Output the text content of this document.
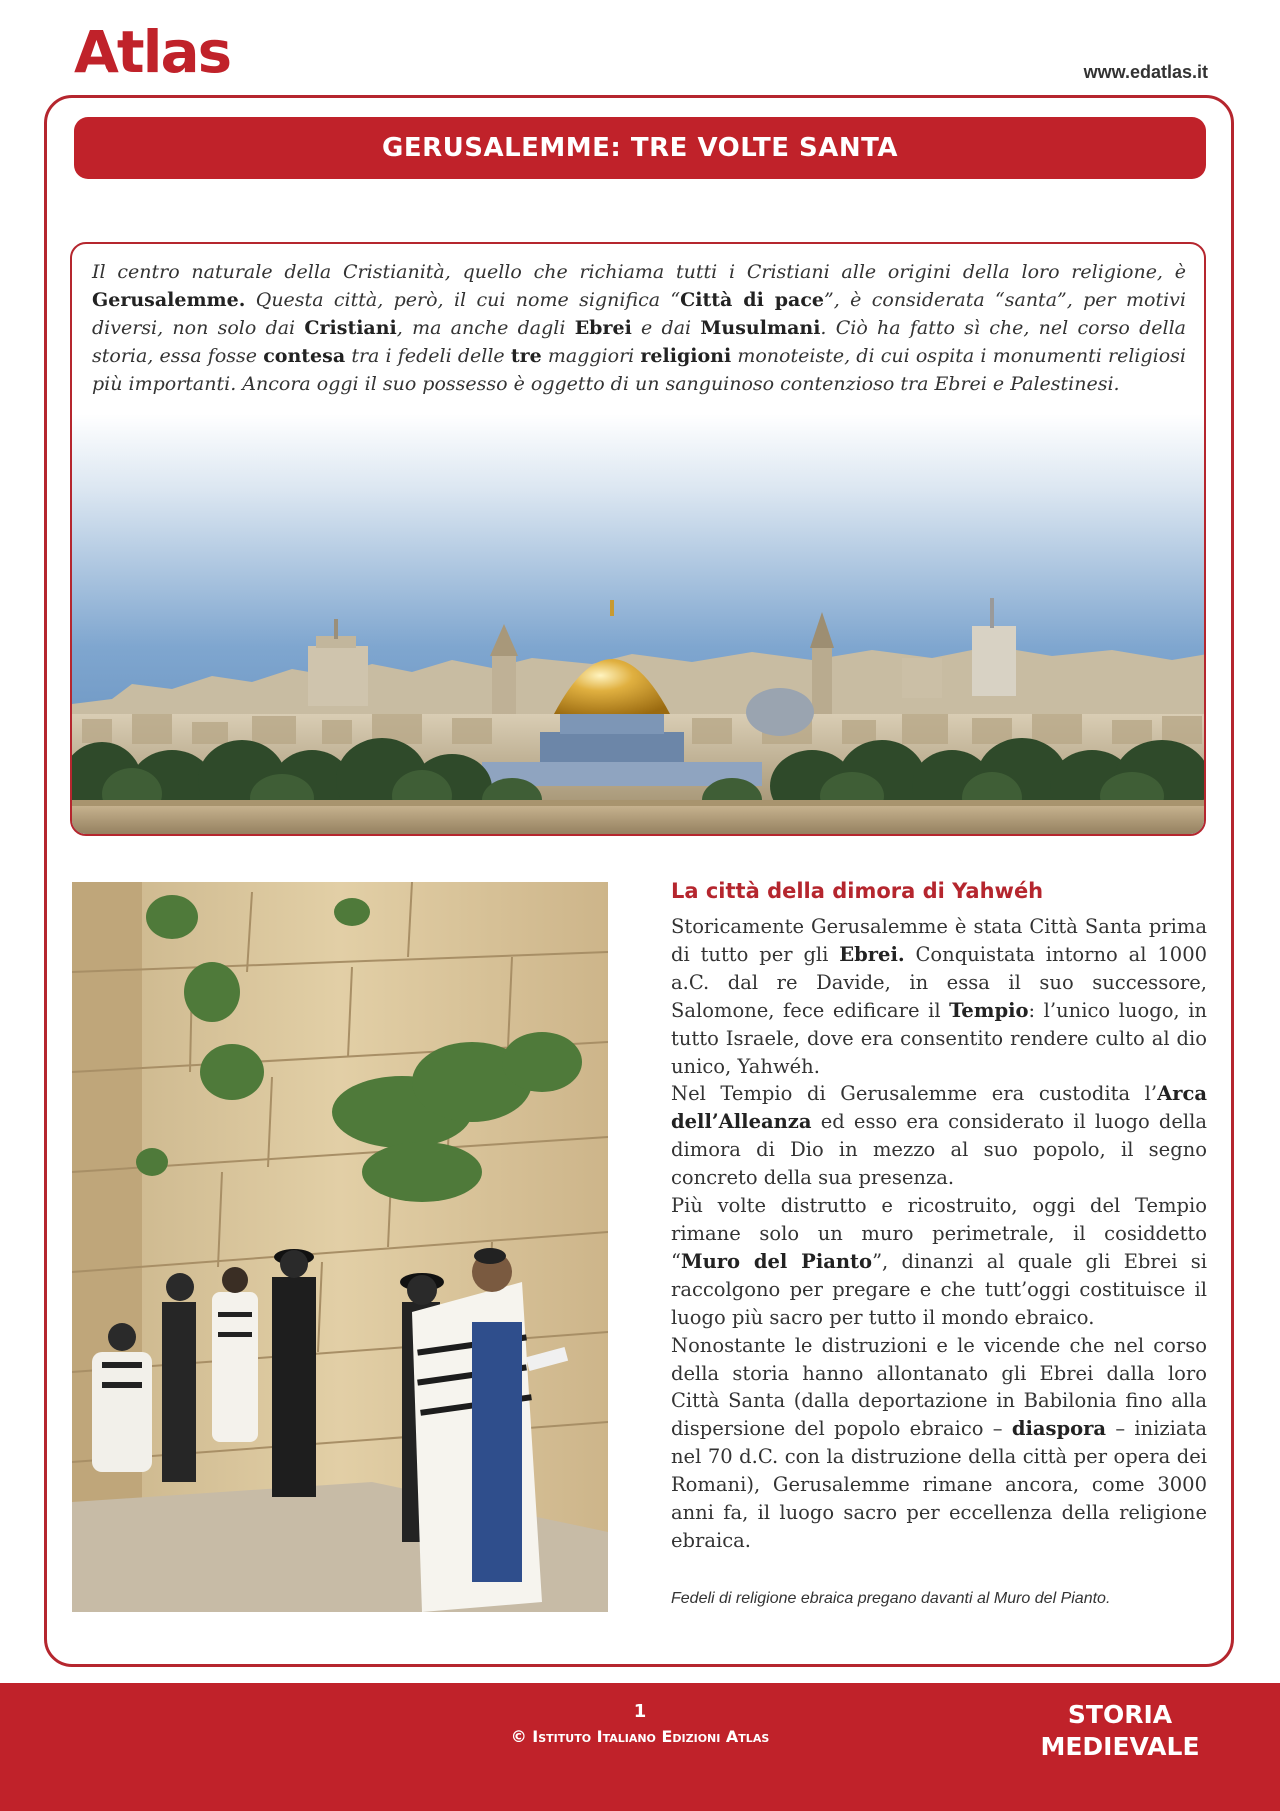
Atlas	www.edatlas.it
GERUSALEMME: TRE VOLTE SANTA

Il centro naturale della Cristianità, quello che richiama tutti i Cristiani alle origini della loro religione, è Gerusalemme. Questa città, però, il cui nome significa “Città di pace”, è considerata “santa”, per motivi diversi, non solo dai Cristiani, ma anche dagli Ebrei e dai Musulmani. Ciò ha fatto sì che, nel corso della storia, essa fosse contesa tra i fedeli delle tre maggiori religioni monoteiste, di cui ospita i monumenti religiosi più importanti. Ancora oggi il suo possesso è oggetto di un sanguinoso contenzioso tra Ebrei e Palestinesi.

La città della dimora di Yahwéh
Storicamente Gerusalemme è stata Città Santa prima di tutto per gli Ebrei. Conquistata intorno al 1000 a.C. dal re Davide, in essa il suo successore, Salomone, fece edificare il Tempio: l’unico luogo, in tutto Israele, dove era consentito rendere culto al dio unico, Yahwéh.
Nel Tempio di Gerusalemme era custodita l’Arca dell’Alleanza ed esso era considerato il luogo della dimora di Dio in mezzo al suo popolo, il segno concreto della sua presenza.
Più volte distrutto e ricostruito, oggi del Tempio rimane solo un muro perimetrale, il cosiddetto “Muro del Pianto”, dinanzi al quale gli Ebrei si raccolgono per pregare e che tutt’oggi costituisce il luogo più sacro per tutto il mondo ebraico.
Nonostante le distruzioni e le vicende che nel corso della storia hanno allontanato gli Ebrei dalla loro Città Santa (dalla deportazione in Babilonia fino alla dispersione del popolo ebraico – diaspora – iniziata nel 70 d.C. con la distruzione della città per opera dei Romani), Gerusalemme rimane ancora, come 3000 anni fa, il luogo sacro per eccellenza della religione ebraica.

Fedeli di religione ebraica pregano davanti al Muro del Pianto.

1
© Istituto Italiano Edizioni Atlas
STORIA
MEDIEVALE
